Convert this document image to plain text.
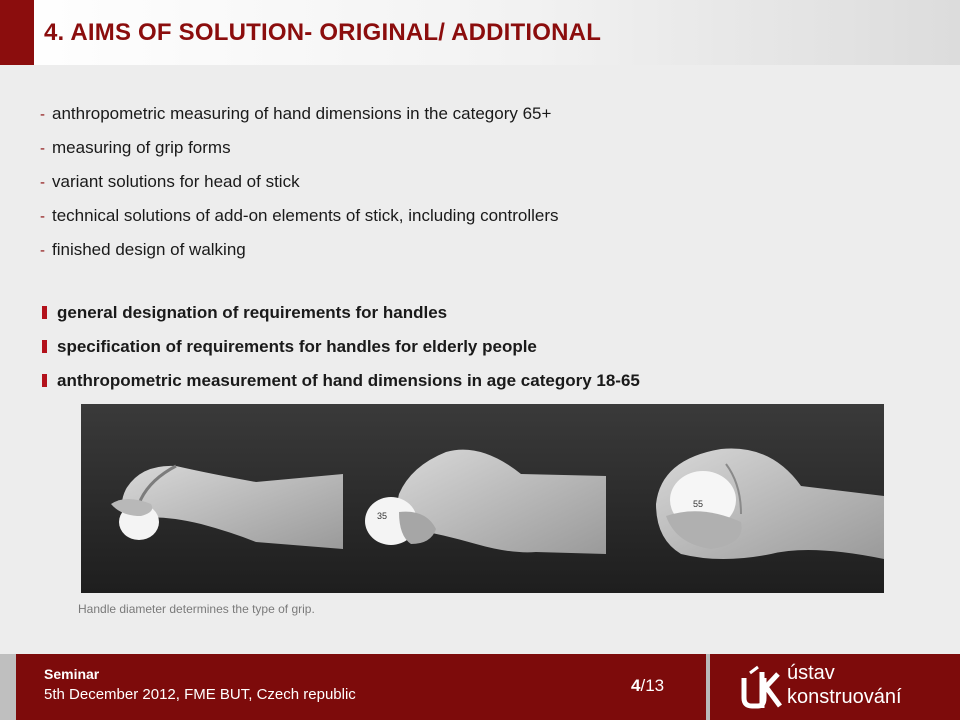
4. AIMS OF SOLUTION- ORIGINAL/ ADDITIONAL
- anthropometric measuring of hand dimensions in the category 65+
- measuring of grip forms
- variant solutions for head of stick
- technical solutions of add-on elements of stick, including controllers
- finished design of walking
general designation of requirements for handles
specification of requirements for handles for elderly people
anthropometric measurement of hand dimensions in age category 18-65
35
55
Handle diameter determines the type of grip.
Seminar
5th December 2012, FME BUT, Czech republic	4/13
ústav
konstruování
